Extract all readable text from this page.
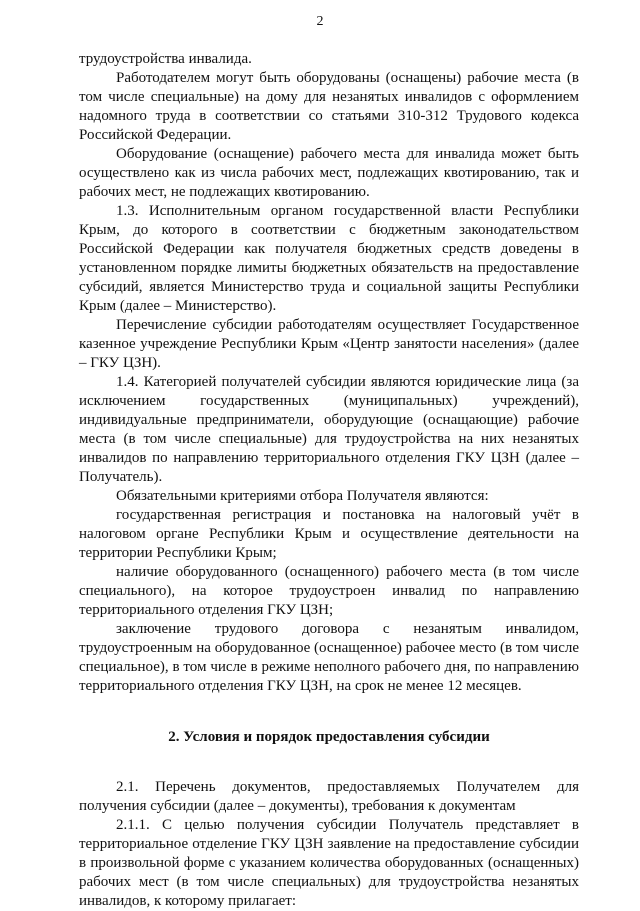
2
трудоустройства инвалида.
Работодателем могут быть оборудованы (оснащены) рабочие места (в том числе специальные) на дому для незанятых инвалидов с оформлением надомного труда в соответствии со статьями 310-312 Трудового кодекса Российской Федерации.
Оборудование (оснащение) рабочего места для инвалида может быть осуществлено как из числа рабочих мест, подлежащих квотированию, так и рабочих мест, не подлежащих квотированию.
1.3. Исполнительным органом государственной власти Республики Крым, до которого в соответствии с бюджетным законодательством Российской Федерации как получателя бюджетных средств доведены в установленном порядке лимиты бюджетных обязательств на предоставление субсидий, является Министерство труда и социальной защиты Республики Крым (далее – Министерство).
Перечисление субсидии работодателям осуществляет Государственное казенное учреждение Республики Крым «Центр занятости населения» (далее – ГКУ ЦЗН).
1.4. Категорией получателей субсидии являются юридические лица (за исключением государственных (муниципальных) учреждений), индивидуальные предприниматели, оборудующие (оснащающие) рабочие места (в том числе специальные) для трудоустройства на них незанятых инвалидов по направлению территориального отделения ГКУ ЦЗН (далее – Получатель).
Обязательными критериями отбора Получателя являются:
государственная регистрация и постановка на налоговый учёт в налоговом органе Республики Крым и осуществление деятельности на территории Республики Крым;
наличие оборудованного (оснащенного) рабочего места (в том числе специального), на которое трудоустроен инвалид по направлению территориального отделения ГКУ ЦЗН;
заключение трудового договора с незанятым инвалидом, трудоустроенным на оборудованное (оснащенное) рабочее место (в том числе специальное), в том числе в режиме неполного рабочего дня, по направлению территориального отделения ГКУ ЦЗН, на срок не менее 12 месяцев.
2. Условия и порядок предоставления субсидии
2.1. Перечень документов, предоставляемых Получателем для получения субсидии (далее – документы), требования к документам
2.1.1. С целью получения субсидии Получатель представляет в территориальное отделение ГКУ ЦЗН заявление на предоставление субсидии в произвольной форме с указанием количества оборудованных (оснащенных) рабочих мест (в том числе специальных) для трудоустройства незанятых инвалидов, к которому прилагает:
